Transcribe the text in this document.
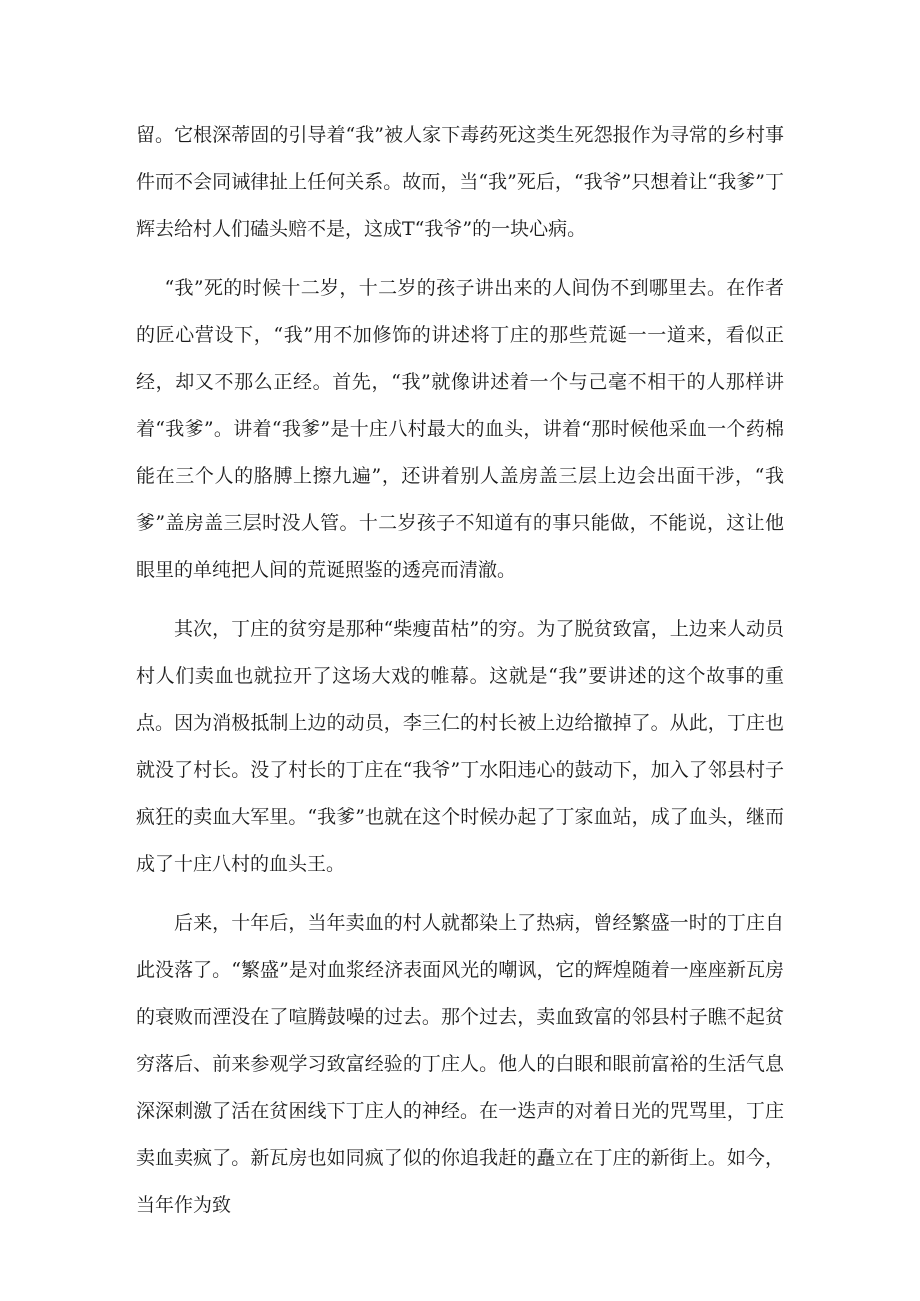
留。它根深蒂固的引导着“我”被人家下毒药死这类生死怨报作为寻常的乡村事件而不会同诫律扯上任何关系。故而，当“我”死后，“我爷”只想着让“我爹”丁辉去给村人们磕头赔不是，这成T“我爷”的一块心病。

“我”死的时候十二岁，十二岁的孩子讲出来的人间伪不到哪里去。在作者的匠心营设下，“我”用不加修饰的讲述将丁庄的那些荒诞一一道来，看似正经，却又不那么正经。首先，“我”就像讲述着一个与己毫不相干的人那样讲着“我爹”。讲着“我爹”是十庄八村最大的血头，讲着“那时候他采血一个药棉能在三个人的胳膊上擦九遍”，还讲着别人盖房盖三层上边会出面干涉，“我爹”盖房盖三层时没人管。十二岁孩子不知道有的事只能做，不能说，这让他眼里的单纯把人间的荒诞照鉴的透亮而清澈。

其次，丁庄的贫穷是那种“柴瘦苗枯”的穷。为了脱贫致富，上边来人动员村人们卖血也就拉开了这场大戏的帷幕。这就是“我”要讲述的这个故事的重点。因为消极抵制上边的动员，李三仁的村长被上边给撤掉了。从此，丁庄也就没了村长。没了村长的丁庄在“我爷”丁水阳违心的鼓动下，加入了邻县村子疯狂的卖血大军里。“我爹”也就在这个时候办起了丁家血站，成了血头，继而成了十庄八村的血头王。

后来，十年后，当年卖血的村人就都染上了热病，曾经繁盛一时的丁庄自此没落了。“繁盛”是对血浆经济表面风光的嘲讽，它的辉煌随着一座座新瓦房的衰败而湮没在了喧腾鼓噪的过去。那个过去，卖血致富的邻县村子瞧不起贫穷落后、前来参观学习致富经验的丁庄人。他人的白眼和眼前富裕的生活气息深深刺激了活在贫困线下丁庄人的神经。在一迭声的对着日光的咒骂里，丁庄卖血卖疯了。新瓦房也如同疯了似的你追我赶的矗立在丁庄的新街上。如今，当年作为致
